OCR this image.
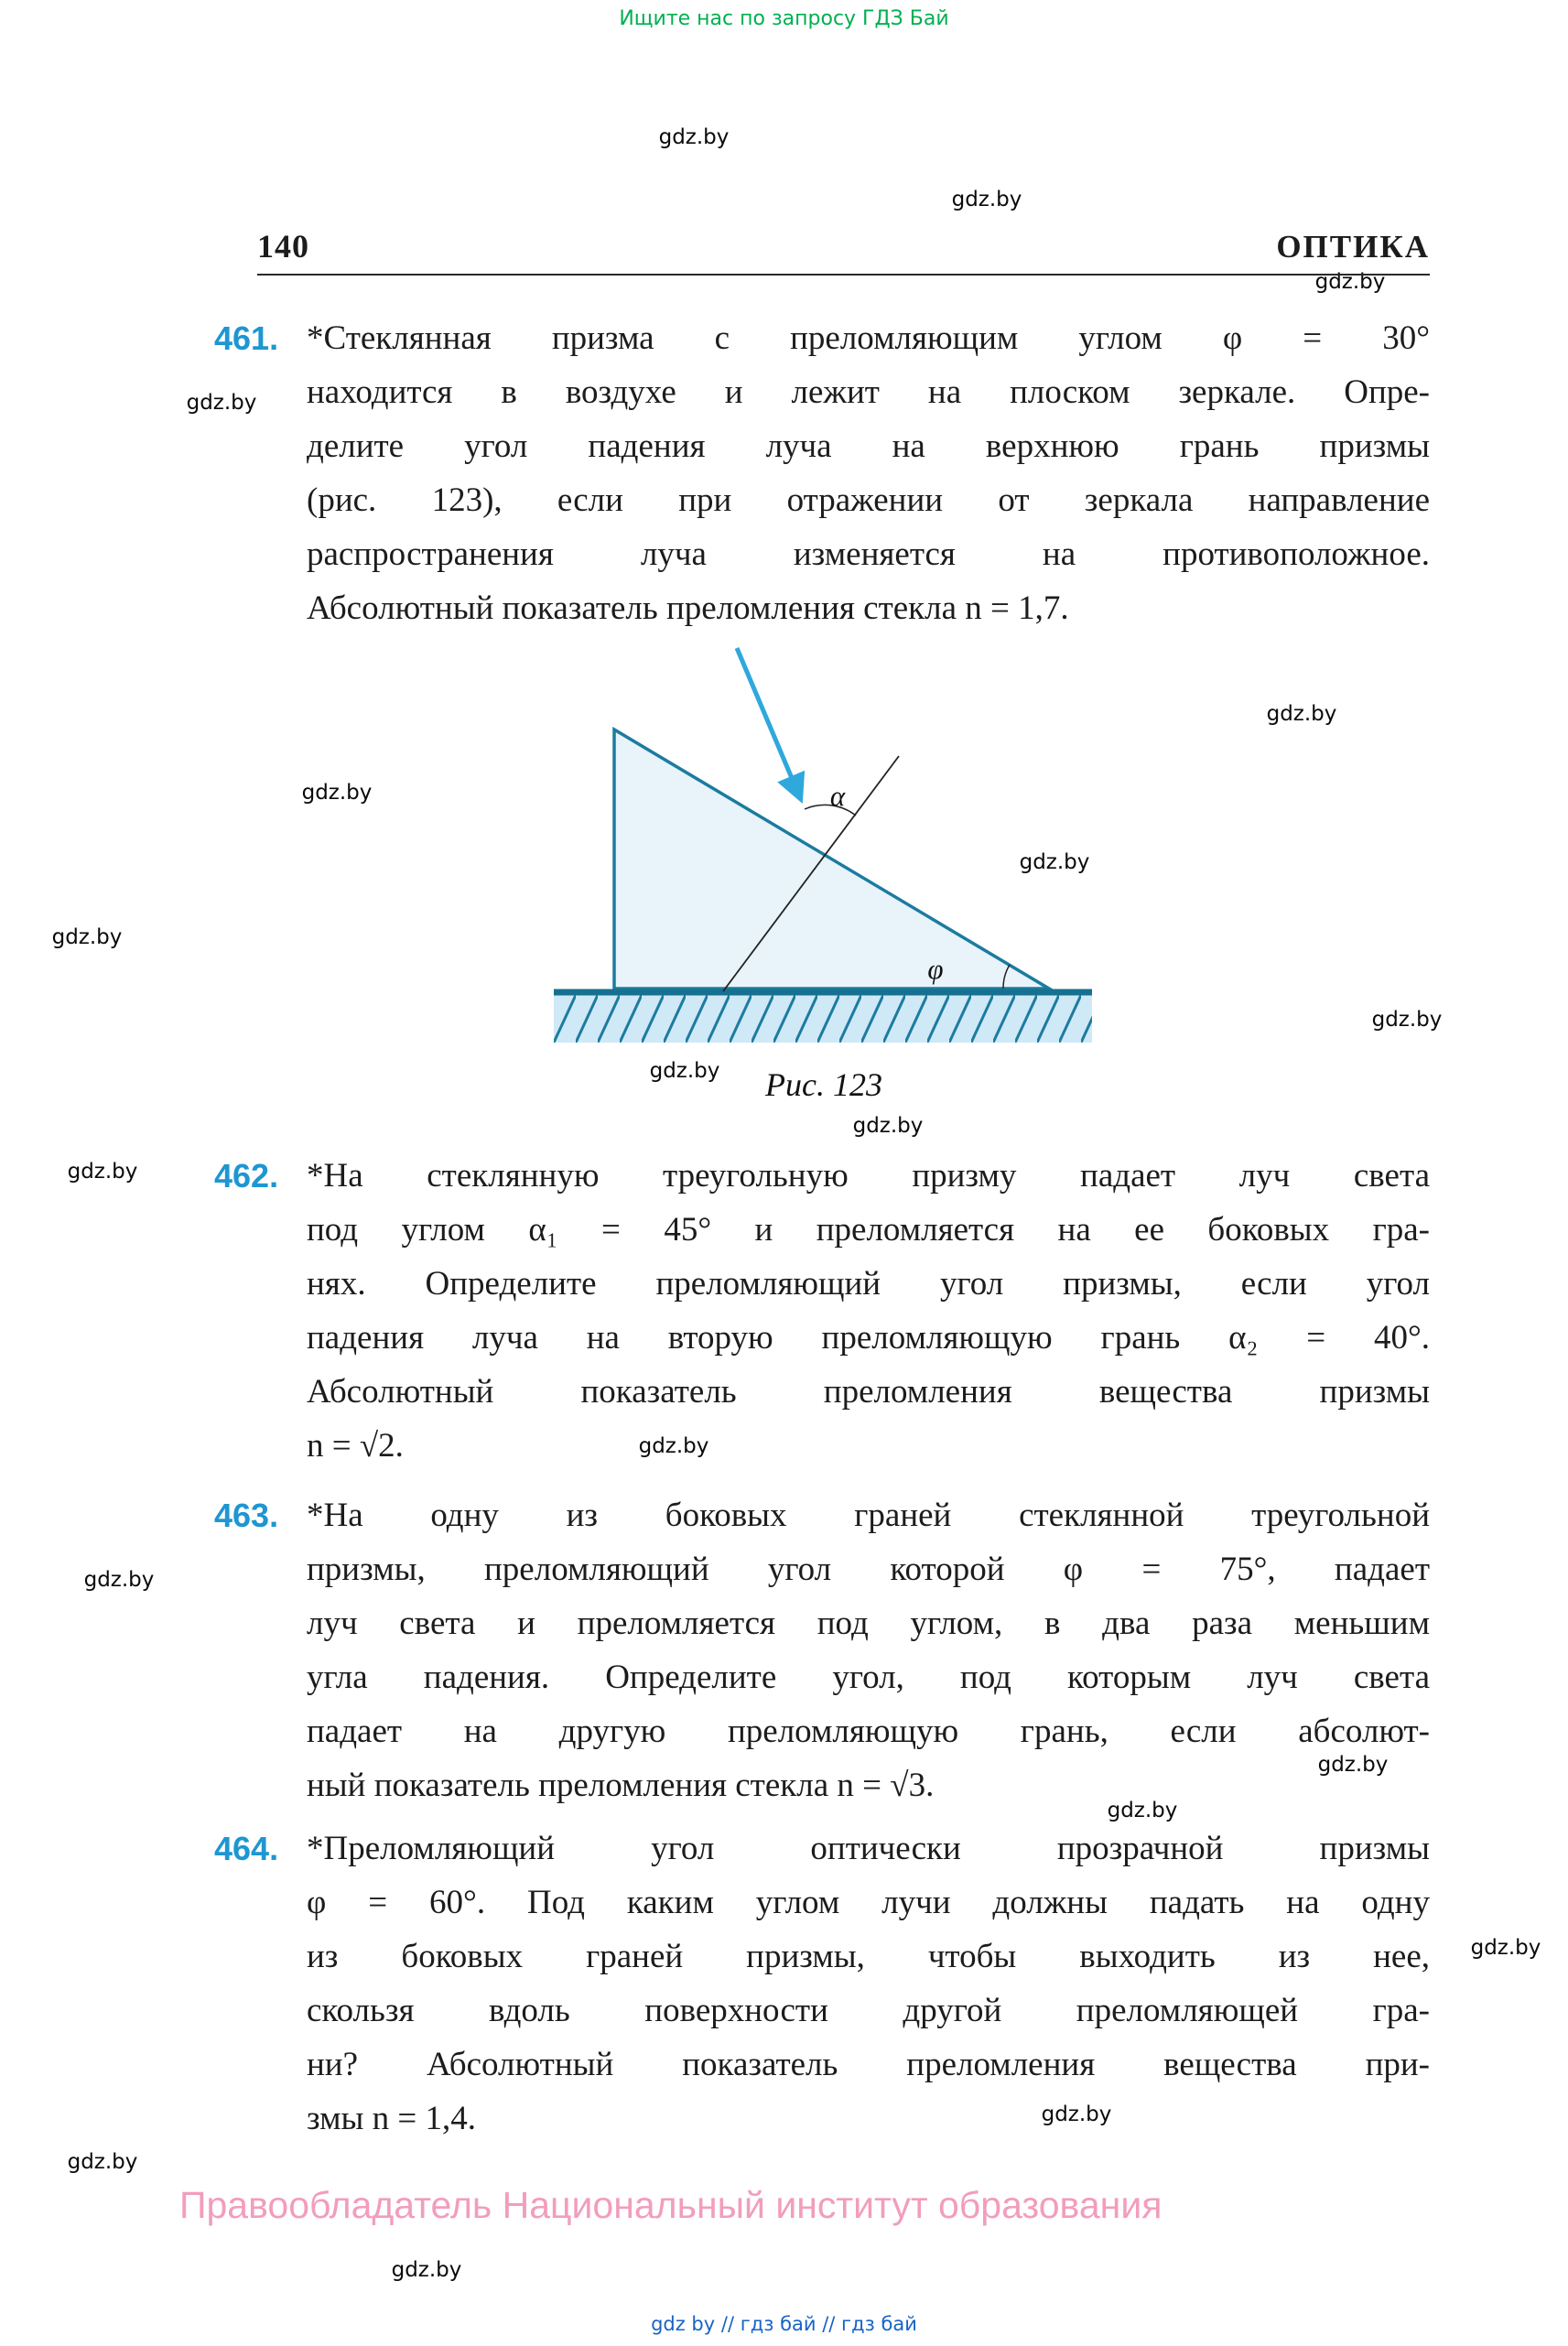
Ищите нас по запросу ГДЗ Бай
gdz.by
gdz.by
gdz.by
gdz.by
gdz.by
gdz.by
gdz.by
gdz.by
gdz.by
gdz.by
gdz.by
gdz.by
gdz.by
gdz.by
gdz.by
gdz.by
gdz.by
gdz.by
gdz.by
gdz.by
140	ОПТИКА
461. *Стеклянная призма с преломляющим углом φ = 30°
находится в воздухе и лежит на плоском зеркале. Опре-
делите угол падения луча на верхнюю грань призмы
(рис. 123), если при отражении от зеркала направление
распространения луча изменяется на противоположное.
Абсолютный показатель преломления стекла n = 1,7.
α
φ
Рис. 123
462. *На стеклянную треугольную призму падает луч света
под углом α₁ = 45° и преломляется на ее боковых гра-
нях. Определите преломляющий угол призмы, если угол
падения луча на вторую преломляющую грань α₂ = 40°.
Абсолютный показатель преломления вещества призмы
n = √2.
463. *На одну из боковых граней стеклянной треугольной
призмы, преломляющий угол которой φ = 75°, падает
луч света и преломляется под углом, в два раза меньшим
угла падения. Определите угол, под которым луч света
падает на другую преломляющую грань, если абсолют-
ный показатель преломления стекла n = √3.
464. *Преломляющий угол оптически прозрачной призмы
φ = 60°. Под каким углом лучи должны падать на одну
из боковых граней призмы, чтобы выходить из нее,
скользя вдоль поверхности другой преломляющей гра-
ни? Абсолютный показатель преломления вещества при-
змы n = 1,4.
Правообладатель Национальный институт образования
gdz by // гдз бай // гдз бай
